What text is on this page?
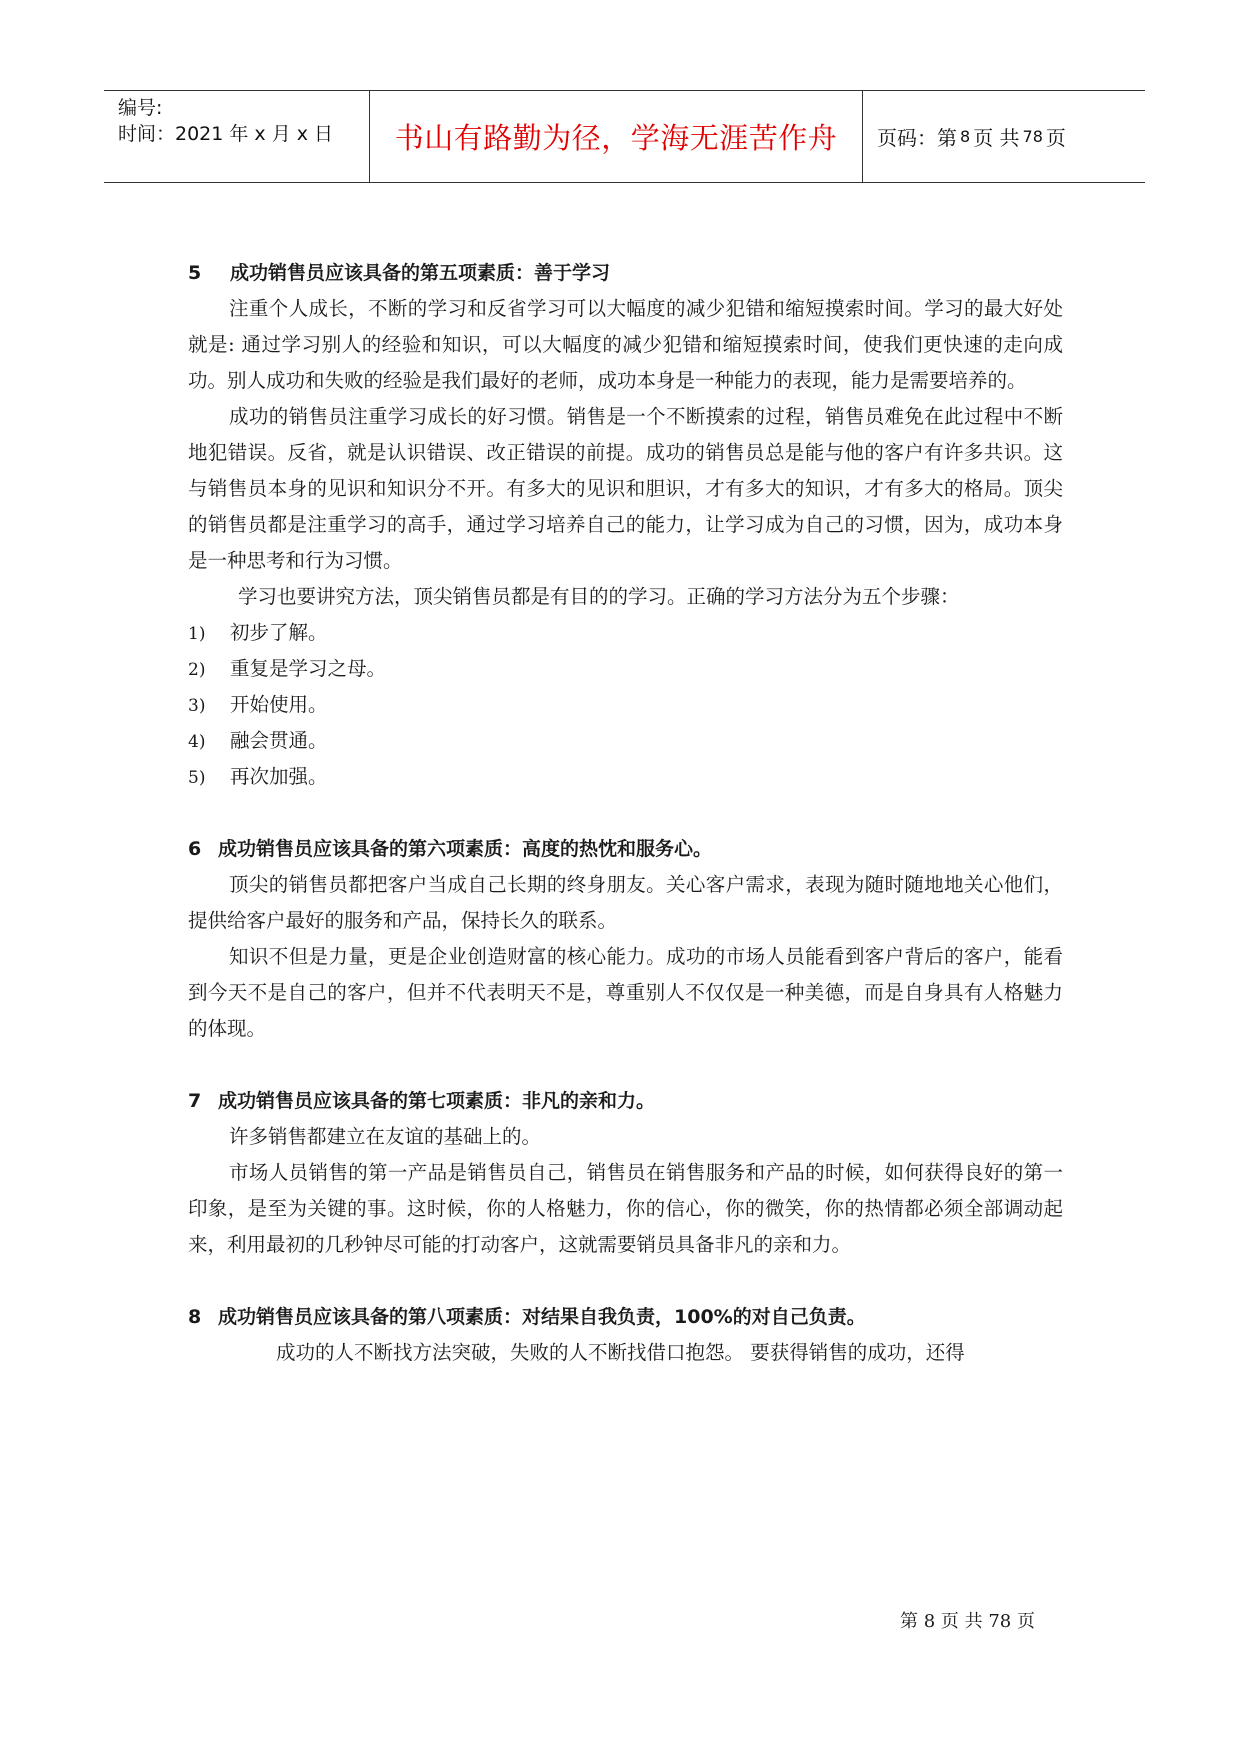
编号:
时间：2021 年 x 月 x 日 书山有路勤为径，学海无涯苦作舟 页码：第 8 页 共 78 页
5 成功销售员应该具备的第五项素质：善于学习

注重个人成长，不断的学习和反省学习可以大幅度的减少犯错和缩短摸索时间。学习的最大好处就是: 通过学习别人的经验和知识，可以大幅度的减少犯错和缩短摸索时间，使我们更快速的走向成功。别人成功和失败的经验是我们最好的老师，成功本身是一种能力的表现，能力是需要培养的。

成功的销售员注重学习成长的好习惯。销售是一个不断摸索的过程，销售员难免在此过程中不断地犯错误。反省，就是认识错误、改正错误的前提。成功的销售员总是能与他的客户有许多共识。这与销售员本身的见识和知识分不开。有多大的见识和胆识，才有多大的知识，才有多大的格局。顶尖的销售员都是注重学习的高手，通过学习培养自己的能力，让学习成为自己的习惯，因为，成功本身是一种思考和行为习惯。

学习也要讲究方法，顶尖销售员都是有目的的学习。正确的学习方法分为五个步骤：

1) 初步了解。
2) 重复是学习之母。
3) 开始使用。
4) 融会贯通。
5) 再次加强。
6 成功销售员应该具备的第六项素质：高度的热忱和服务心。

顶尖的销售员都把客户当成自己长期的终身朋友。关心客户需求，表现为随时随地地关心他们，提供给客户最好的服务和产品，保持长久的联系。

知识不但是力量，更是企业创造财富的核心能力。成功的市场人员能看到客户背后的客户，能看到今天不是自己的客户，但并不代表明天不是，尊重别人不仅仅是一种美德，而是自身具有人格魅力的体现。

7 成功销售员应该具备的第七项素质：非凡的亲和力。

许多销售都建立在友谊的基础上的。

市场人员销售的第一产品是销售员自己，销售员在销售服务和产品的时候，如何获得良好的第一印象，是至为关键的事。这时候，你的人格魅力，你的信心，你的微笑，你的热情都必须全部调动起来，利用最初的几秒钟尽可能的打动客户，这就需要销员具备非凡的亲和力。

8 成功销售员应该具备的第八项素质：对结果自我负责，100%的对自己负责。

成功的人不断找方法突破，失败的人不断找借口抱怨。 要获得销售的成功，还得

第 8 页 共 78 页
